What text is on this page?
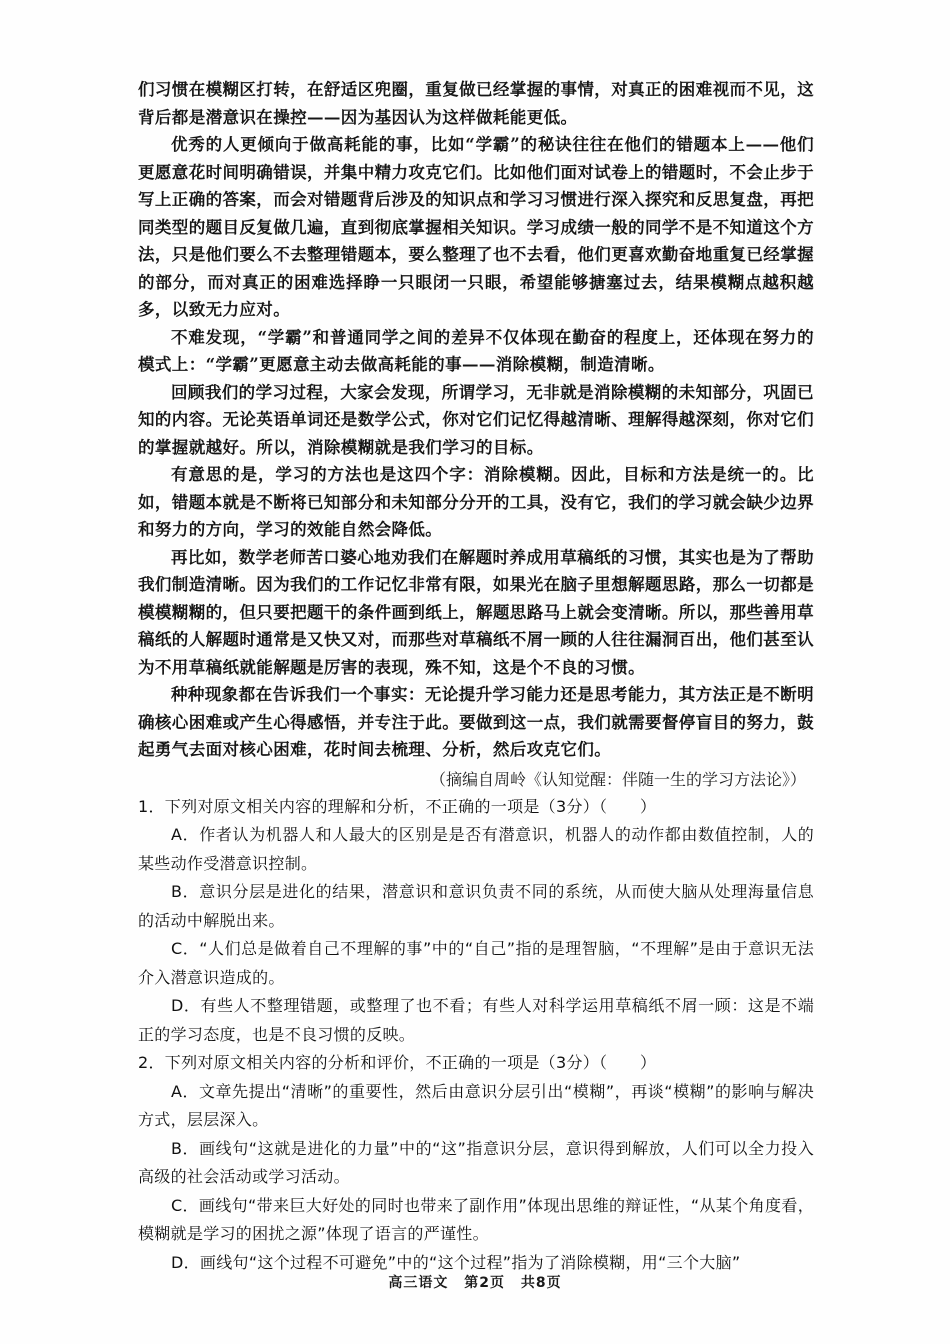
们习惯在模糊区打转，在舒适区兜圈，重复做已经掌握的事情，对真正的困难视而不见，这背后都是潜意识在操控——因为基因认为这样做耗能更低。

优秀的人更倾向于做高耗能的事，比如“学霸”的秘诀往往在他们的错题本上——他们更愿意花时间明确错误，并集中精力攻克它们。比如他们面对试卷上的错题时，不会止步于写上正确的答案，而会对错题背后涉及的知识点和学习习惯进行深入探究和反思复盘，再把同类型的题目反复做几遍，直到彻底掌握相关知识。学习成绩一般的同学不是不知道这个方法，只是他们要么不去整理错题本，要么整理了也不去看，他们更喜欢勤奋地重复已经掌握的部分，而对真正的困难选择睁一只眼闭一只眼，希望能够搪塞过去，结果模糊点越积越多，以致无力应对。

不难发现，“学霸”和普通同学之间的差异不仅体现在勤奋的程度上，还体现在努力的模式上：“学霸”更愿意主动去做高耗能的事——消除模糊，制造清晰。

回顾我们的学习过程，大家会发现，所谓学习，无非就是消除模糊的未知部分，巩固已知的内容。无论英语单词还是数学公式，你对它们记忆得越清晰、理解得越深刻，你对它们的掌握就越好。所以，消除模糊就是我们学习的目标。

有意思的是，学习的方法也是这四个字：消除模糊。因此，目标和方法是统一的。比如，错题本就是不断将已知部分和未知部分分开的工具，没有它，我们的学习就会缺少边界和努力的方向，学习的效能自然会降低。

再比如，数学老师苦口婆心地劝我们在解题时养成用草稿纸的习惯，其实也是为了帮助我们制造清晰。因为我们的工作记忆非常有限，如果光在脑子里想解题思路，那么一切都是模模糊糊的，但只要把题干的条件画到纸上，解题思路马上就会变清晰。所以，那些善用草稿纸的人解题时通常是又快又对，而那些对草稿纸不屑一顾的人往往漏洞百出，他们甚至认为不用草稿纸就能解题是厉害的表现，殊不知，这是个不良的习惯。

种种现象都在告诉我们一个事实：无论提升学习能力还是思考能力，其方法正是不断明确核心困难或产生心得感悟，并专注于此。要做到这一点，我们就需要督停盲目的努力，鼓起勇气去面对核心困难，花时间去梳理、分析，然后攻克它们。

（摘编自周岭《认知觉醒：伴随一生的学习方法论》）

1．下列对原文相关内容的理解和分析，不正确的一项是（3分）（　　）

A．作者认为机器人和人最大的区别是是否有潜意识，机器人的动作都由数值控制，人的某些动作受潜意识控制。

B．意识分层是进化的结果，潜意识和意识负责不同的系统，从而使大脑从处理海量信息的活动中解脱出来。

C．“人们总是做着自己不理解的事”中的“自己”指的是理智脑，“不理解”是由于意识无法介入潜意识造成的。

D．有些人不整理错题，或整理了也不看；有些人对科学运用草稿纸不屑一顾：这是不端正的学习态度，也是不良习惯的反映。

2．下列对原文相关内容的分析和评价，不正确的一项是（3分）（　　）

A．文章先提出“清晰”的重要性，然后由意识分层引出“模糊”，再谈“模糊”的影响与解决方式，层层深入。

B．画线句“这就是进化的力量”中的“这”指意识分层，意识得到解放，人们可以全力投入高级的社会活动或学习活动。

C．画线句“带来巨大好处的同时也带来了副作用”体现出思维的辩证性，“从某个角度看，模糊就是学习的困扰之源”体现了语言的严谨性。

D．画线句“这个过程不可避免”中的“这个过程”指为了消除模糊，用“三个大脑”

高三语文 第2页 共8页
